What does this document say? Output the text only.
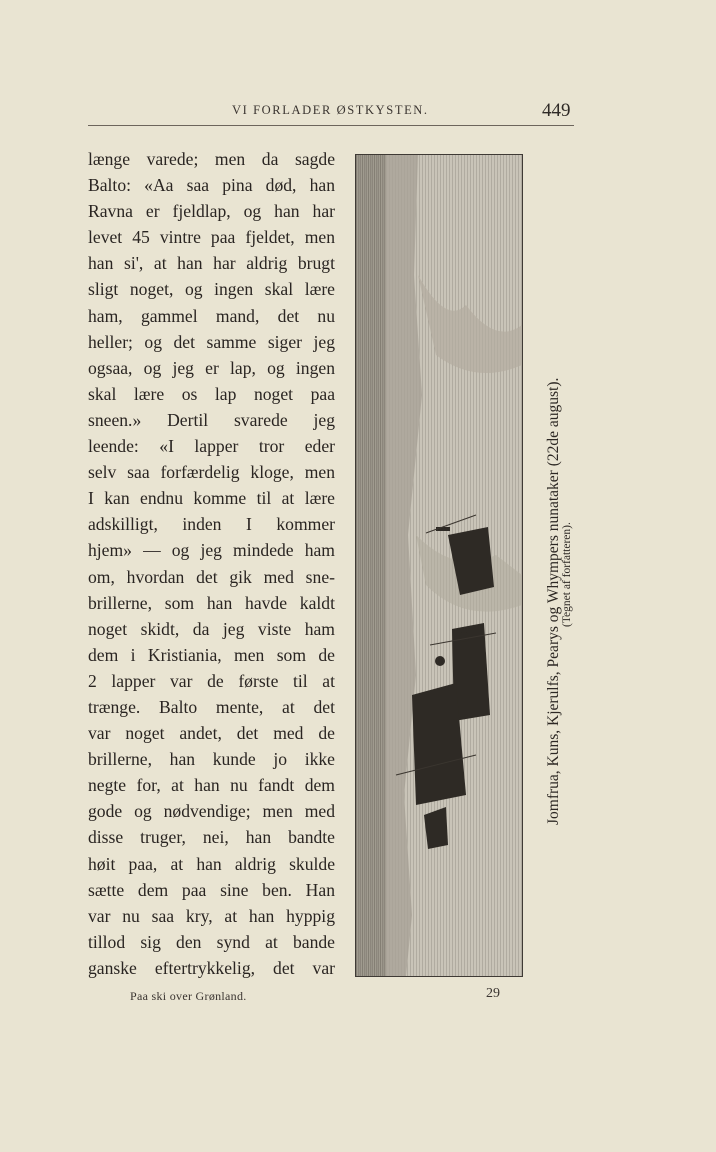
VI FORLADER ØSTKYSTEN.	449
længe varede; men da sagde
Balto: «Aa saa pina død, han
Ravna er fjeldlap, og han har
levet 45 vintre paa fjeldet, men
han si', at han har aldrig brugt
sligt noget, og ingen skal lære
ham, gammel mand, det nu
heller; og det samme siger jeg
ogsaa, og jeg er lap, og ingen
skal lære os lap noget paa
sneen.» Dertil svarede jeg
leende: «I lapper tror eder
selv saa forfærdelig kloge, men
I kan endnu komme til at lære
adskilligt, inden I kommer
hjem» — og jeg mindede ham
om, hvordan det gik med sne-
brillerne, som han havde kaldt
noget skidt, da jeg viste ham
dem i Kristiania, men som de
2 lapper var de første til at
trænge. Balto mente, at det
var noget andet, det med de
brillerne, han kunde jo ikke
negte for, at han nu fandt dem
gode og nødvendige; men med
disse truger, nei, han bandte
høit paa, at han aldrig skulde
sætte dem paa sine ben. Han
var nu saa kry, at han hyppig
tillod sig den synd at bande
ganske eftertrykkelig, det var
Jomfrua, Kuns, Kjerulfs, Pearys og Whympers nunataker (22de august). (Tegnet af forfatteren).
Paa ski over Grønland.	29
